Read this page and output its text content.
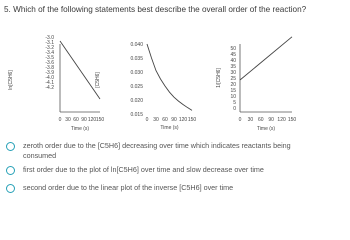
5. Which of the following statements best describe the overall order of the reaction?
-3.0
-3.1
-3.2
-3.4
-3.5
-3.6
-3.8
-3.9
-4.0
-4.1
-4.2
0 30 60 90 120 150
Time (s)
ln[C5H6]
0.040
0.035
0.030
0.025
0.020
0.015
0 30 60 90 120 150
Time (s)
[C5H6]
50
45
40
35
30
25
20
15
10
5
0
0 30 60 90 120 150
Time (s)
1/[C5H6]
zeroth order due to the [C5H6] decreasing over time which indicates reactants being consumed
first order due to the plot of ln[C5H6] over time and slow decrease over time
second order due to the linear plot of the inverse [C5H6] over time
